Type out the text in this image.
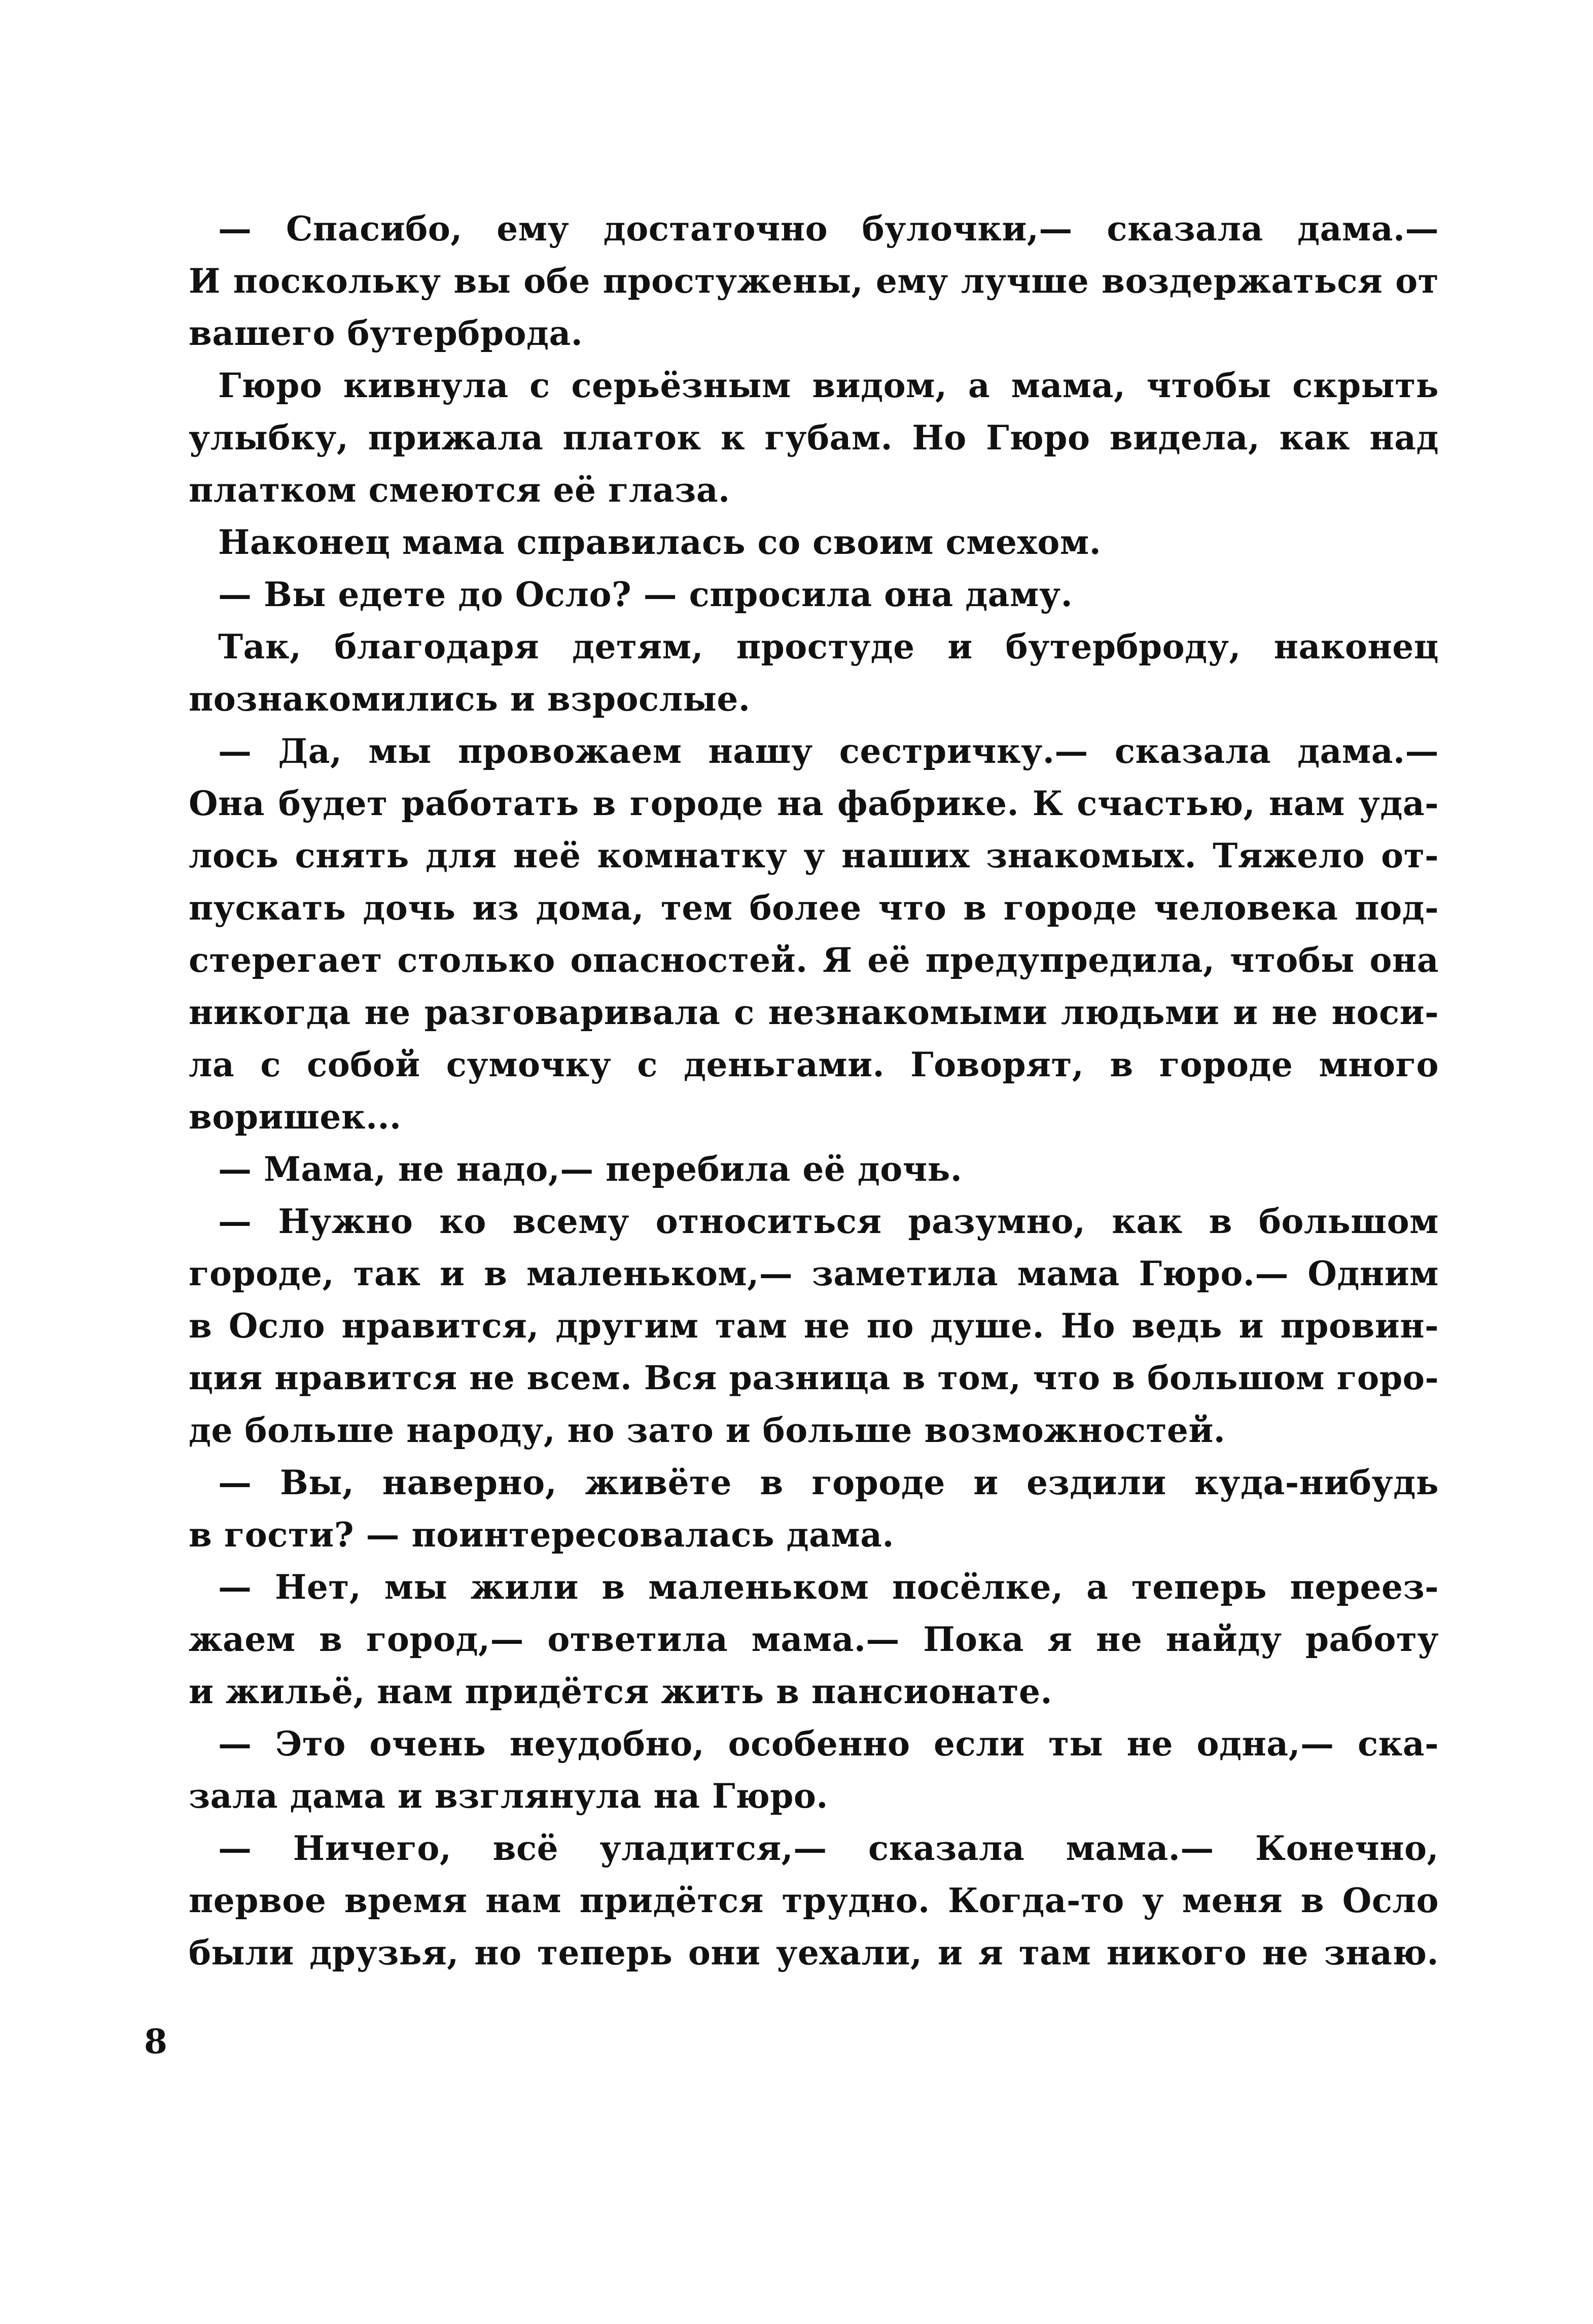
— Спасибо, ему достаточно булочки,— сказала дама.—
И поскольку вы обе простужены, ему лучше воздержаться от
вашего бутерброда.
Гюро кивнула с серьёзным видом, а мама, чтобы скрыть
улыбку, прижала платок к губам. Но Гюро видела, как над
платком смеются её глаза.
Наконец мама справилась со своим смехом.
— Вы едете до Осло? — спросила она даму.
Так, благодаря детям, простуде и бутерброду, наконец
познакомились и взрослые.
— Да, мы провожаем нашу сестричку.— сказала дама.—
Она будет работать в городе на фабрике. К счастью, нам уда-
лось снять для неё комнатку у наших знакомых. Тяжело от-
пускать дочь из дома, тем более что в городе человека под-
стерегает столько опасностей. Я её предупредила, чтобы она
никогда не разговаривала с незнакомыми людьми и не носи-
ла с собой сумочку с деньгами. Говорят, в городе много
воришек...
— Мама, не надо,— перебила её дочь.
— Нужно ко всему относиться разумно, как в большом
городе, так и в маленьком,— заметила мама Гюро.— Одним
в Осло нравится, другим там не по душе. Но ведь и провин-
ция нравится не всем. Вся разница в том, что в большом горо-
де больше народу, но зато и больше возможностей.
— Вы, наверно, живёте в городе и ездили куда-нибудь
в гости? — поинтересовалась дама.
— Нет, мы жили в маленьком посёлке, а теперь переез-
жаем в город,— ответила мама.— Пока я не найду работу
и жильё, нам придётся жить в пансионате.
— Это очень неудобно, особенно если ты не одна,— ска-
зала дама и взглянула на Гюро.
— Ничего, всё уладится,— сказала мама.— Конечно,
первое время нам придётся трудно. Когда-то у меня в Осло
были друзья, но теперь они уехали, и я там никого не знаю.
8
